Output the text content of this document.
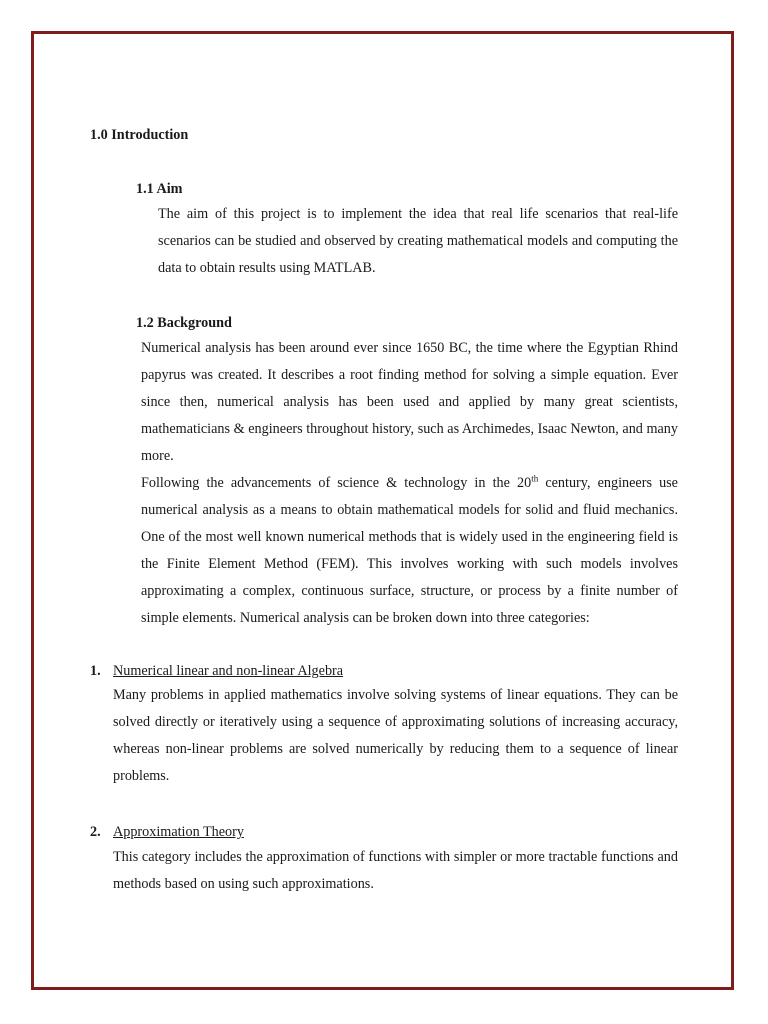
1.0 Introduction
1.1 Aim

The aim of this project is to implement the idea that real life scenarios that real-life scenarios can be studied and observed by creating mathematical models and computing the data to obtain results using MATLAB.

1.2 Background

Numerical analysis has been around ever since 1650 BC, the time where the Egyptian Rhind papyrus was created. It describes a root finding method for solving a simple equation. Ever since then, numerical analysis has been used and applied by many great scientists, mathematicians & engineers throughout history, such as Archimedes, Isaac Newton, and many more.

Following the advancements of science & technology in the 20th century, engineers use numerical analysis as a means to obtain mathematical models for solid and fluid mechanics. One of the most well known numerical methods that is widely used in the engineering field is the Finite Element Method (FEM). This involves working with such models involves approximating a complex, continuous surface, structure, or process by a finite number of simple elements. Numerical analysis can be broken down into three categories:

1. Numerical linear and non-linear Algebra

Many problems in applied mathematics involve solving systems of linear equations. They can be solved directly or iteratively using a sequence of approximating solutions of increasing accuracy, whereas non-linear problems are solved numerically by reducing them to a sequence of linear problems.

2. Approximation Theory

This category includes the approximation of functions with simpler or more tractable functions and methods based on using such approximations.
